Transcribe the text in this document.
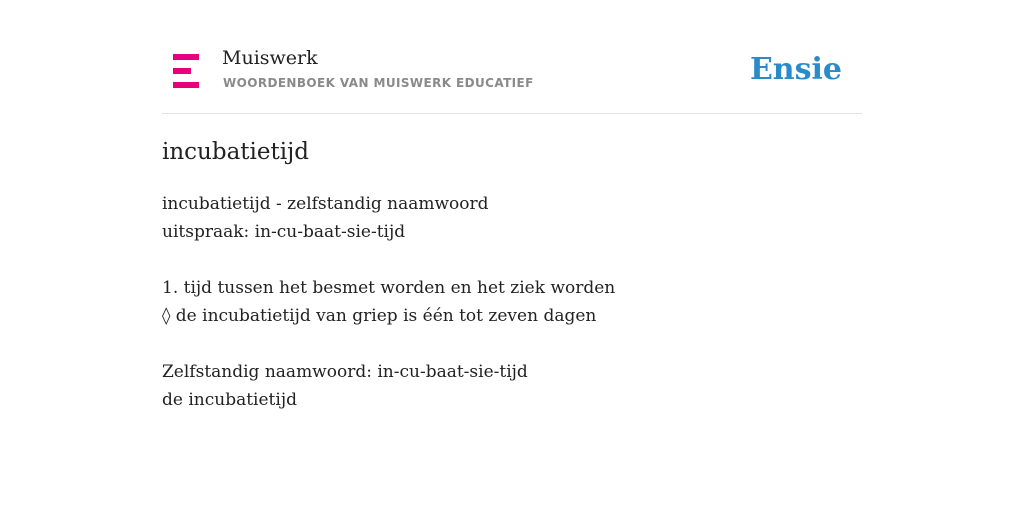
Muiswerk
WOORDENBOEK VAN MUISWERK EDUCATIEF	Ensie
incubatietijd
incubatietijd - zelfstandig naamwoord
uitspraak: in-cu-baat-sie-tijd
1. tijd tussen het besmet worden en het ziek worden
◊ de incubatietijd van griep is één tot zeven dagen
Zelfstandig naamwoord: in-cu-baat-sie-tijd
de incubatietijd
